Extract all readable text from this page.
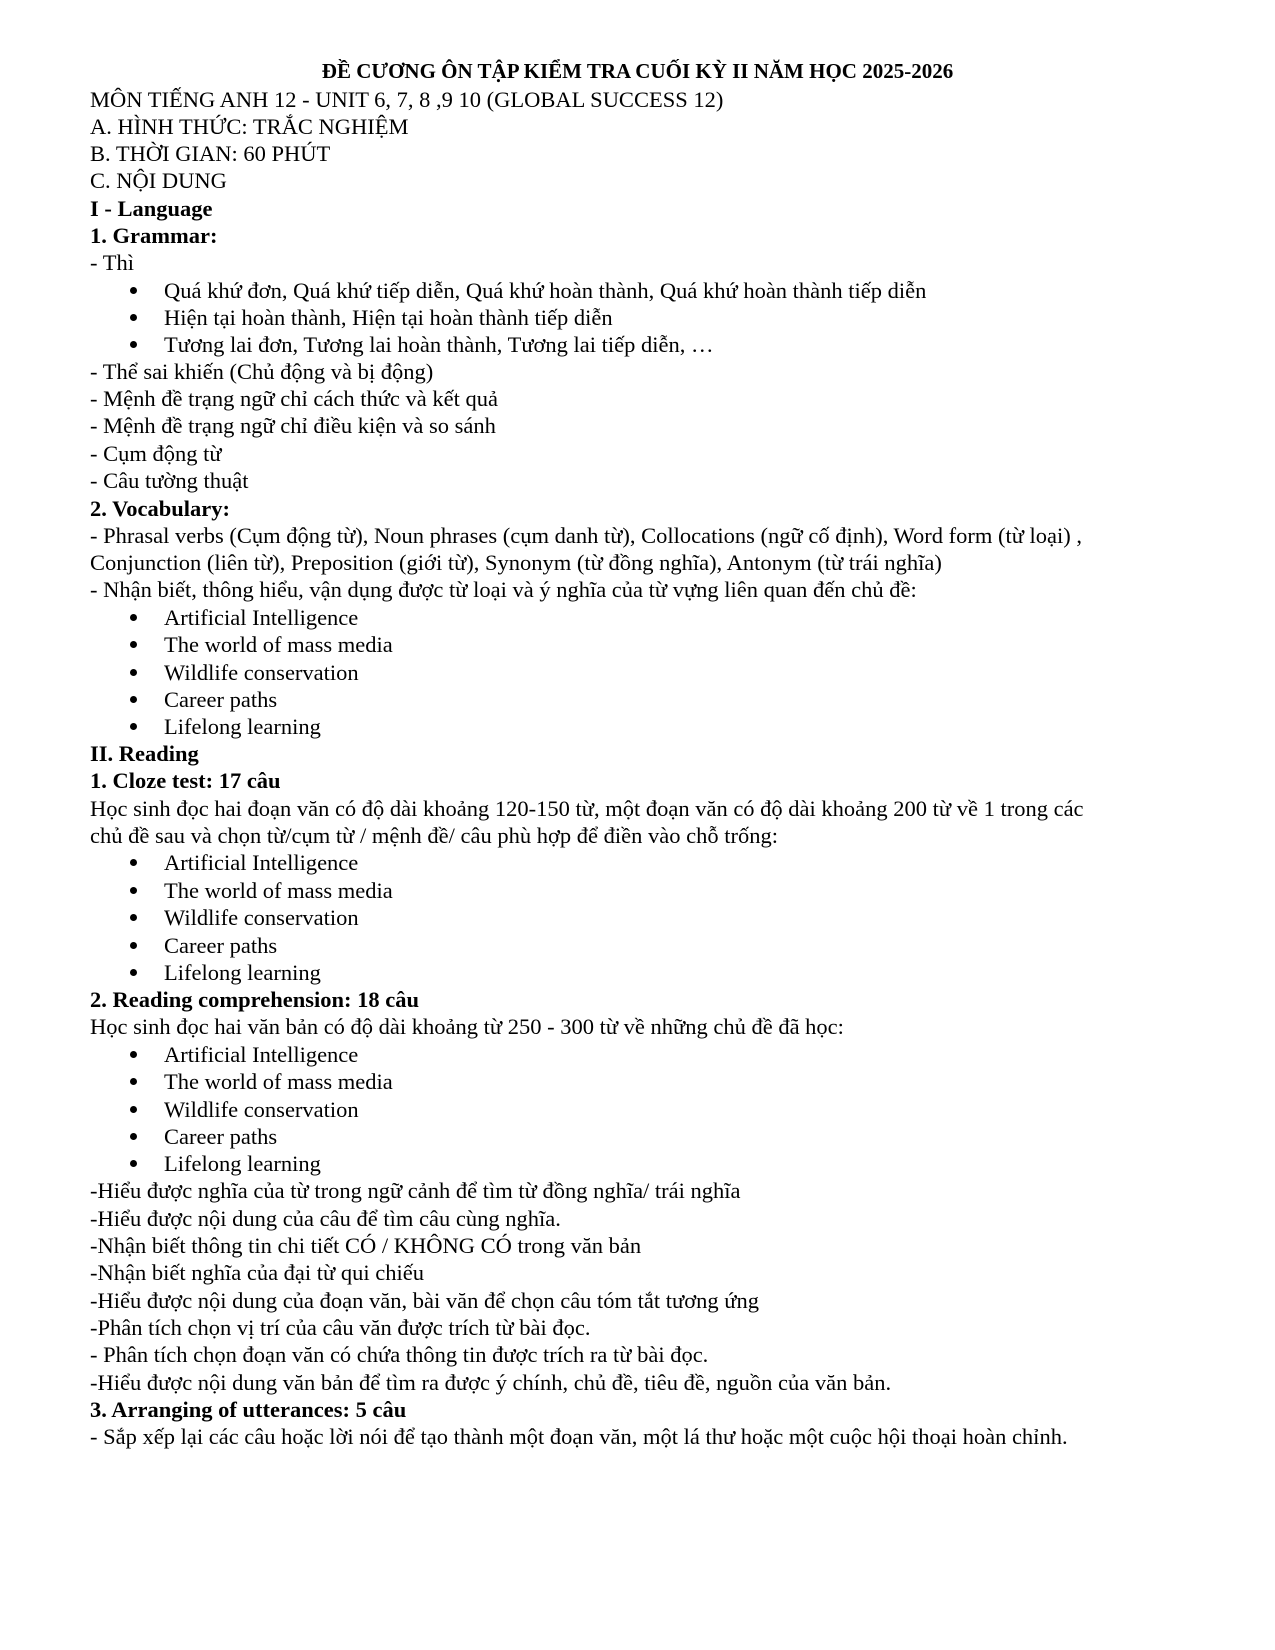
ĐỀ CƯƠNG ÔN TẬP KIỂM TRA CUỐI KỲ II NĂM HỌC 2025-2026
MÔN TIẾNG ANH 12 - UNIT 6, 7, 8 ,9 10 (GLOBAL SUCCESS 12)
A. HÌNH THỨC: TRẮC NGHIỆM
B. THỜI GIAN: 60 PHÚT
C. NỘI DUNG
I - Language
1. Grammar:
- Thì
Quá khứ đơn, Quá khứ tiếp diễn, Quá khứ hoàn thành, Quá khứ hoàn thành tiếp diễn
Hiện tại hoàn thành, Hiện tại hoàn thành tiếp diễn
Tương lai đơn, Tương lai hoàn thành, Tương lai tiếp diễn, …
- Thể sai khiến (Chủ động và bị động)
- Mệnh đề trạng ngữ chỉ cách thức và kết quả
- Mệnh đề trạng ngữ chỉ điều kiện và so sánh
- Cụm động từ
- Câu tường thuật
2. Vocabulary:
- Phrasal verbs (Cụm động từ), Noun phrases (cụm danh từ), Collocations (ngữ cố định), Word form (từ loại) ,
Conjunction (liên từ), Preposition (giới từ), Synonym (từ đồng nghĩa), Antonym (từ trái nghĩa)
- Nhận biết, thông hiểu, vận dụng được từ loại và ý nghĩa của từ vựng liên quan đến chủ đề:
Artificial Intelligence
The world of mass media
Wildlife conservation
Career paths
Lifelong learning
II. Reading
1. Cloze test: 17 câu
Học sinh đọc hai đoạn văn có độ dài khoảng 120-150 từ, một đoạn văn có độ dài khoảng 200 từ về 1 trong các
chủ đề sau và chọn từ/cụm từ / mệnh đề/ câu phù hợp để điền vào chỗ trống:
Artificial Intelligence
The world of mass media
Wildlife conservation
Career paths
Lifelong learning
2. Reading comprehension: 18 câu
Học sinh đọc hai văn bản có độ dài khoảng từ 250 - 300 từ về những chủ đề đã học:
Artificial Intelligence
The world of mass media
Wildlife conservation
Career paths
Lifelong learning
-Hiểu được nghĩa của từ trong ngữ cảnh để tìm từ đồng nghĩa/ trái nghĩa
-Hiểu được nội dung của câu để tìm câu cùng nghĩa.
-Nhận biết thông tin chi tiết CÓ / KHÔNG CÓ trong văn bản
-Nhận biết nghĩa của đại từ qui chiếu
-Hiểu được nội dung của đoạn văn, bài văn để chọn câu tóm tắt tương ứng
-Phân tích chọn vị trí của câu văn được trích từ bài đọc.
- Phân tích chọn đoạn văn có chứa thông tin được trích ra từ bài đọc.
-Hiểu được nội dung văn bản để tìm ra được ý chính, chủ đề, tiêu đề, nguồn của văn bản.
3. Arranging of utterances: 5 câu
- Sắp xếp lại các câu hoặc lời nói để tạo thành một đoạn văn, một lá thư hoặc một cuộc hội thoại hoàn chỉnh.
